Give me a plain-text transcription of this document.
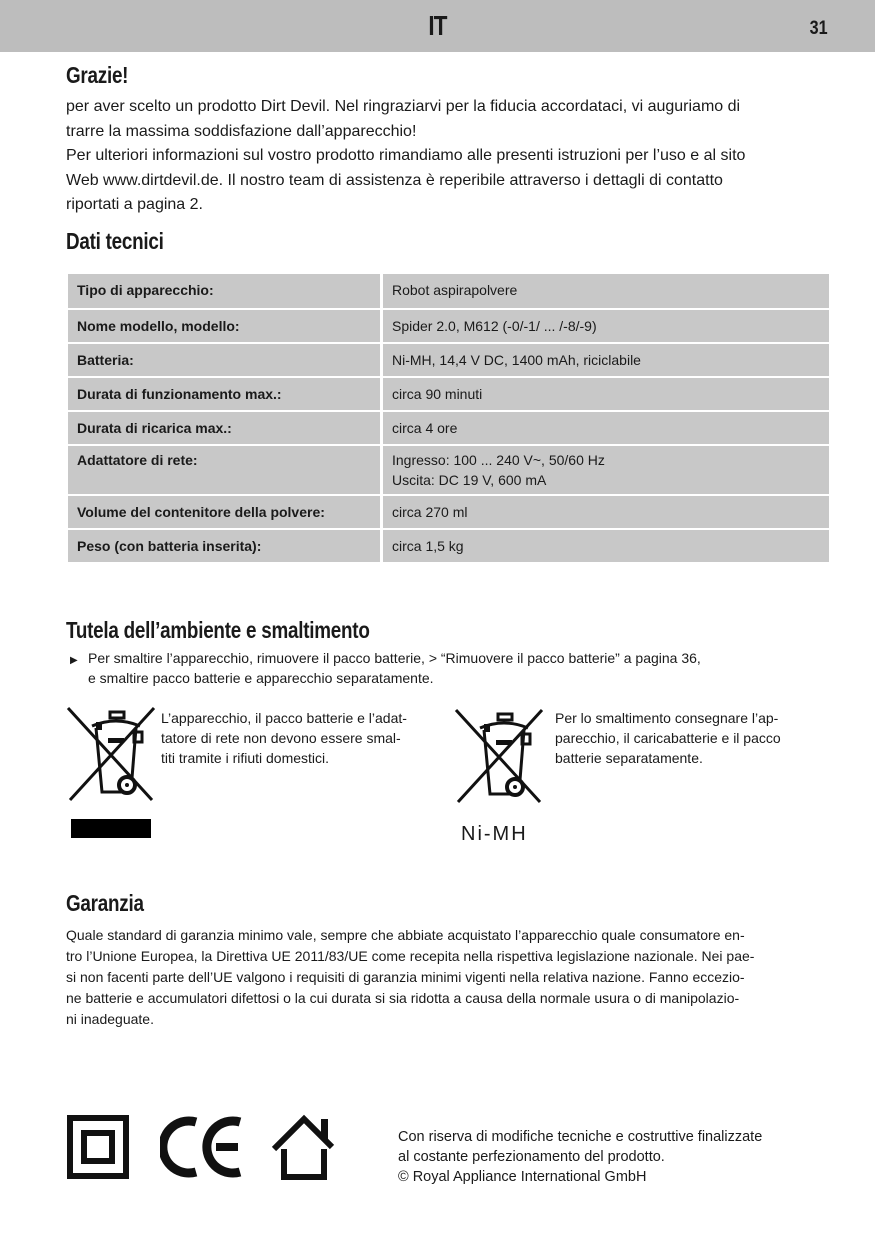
IT	31
Grazie!
per aver scelto un prodotto Dirt Devil. Nel ringraziarvi per la fiducia accordataci, vi auguriamo di
trarre la massima soddisfazione dall’apparecchio!
Per ulteriori informazioni sul vostro prodotto rimandiamo alle presenti istruzioni per l’uso e al sito
Web www.dirtdevil.de. Il nostro team di assistenza è reperibile attraverso i dettagli di contatto
riportati a pagina 2.
Dati tecnici
Tipo di apparecchio:	Robot aspirapolvere
Nome modello, modello:	Spider 2.0, M612 (-0/-1/ ... /-8/-9)
Batteria:	Ni-MH, 14,4 V DC, 1400 mAh, riciclabile
Durata di funzionamento max.:	circa 90 minuti
Durata di ricarica max.:	circa 4 ore
Adattatore di rete:	Ingresso: 100 ... 240 V~, 50/60 Hz
Uscita: DC 19 V, 600 mA
Volume del contenitore della polvere:	circa 270 ml
Peso (con batteria inserita):	circa 1,5 kg
Tutela dell’ambiente e smaltimento
▶ Per smaltire l’apparecchio, rimuovere il pacco batterie, > “Rimuovere il pacco batterie” a pagina 36,
e smaltire pacco batterie e apparecchio separatamente.
L’apparecchio, il pacco batterie e l’adat-
tatore di rete non devono essere smal-
titi tramite i rifiuti domestici.
Ni-MH
Per lo smaltimento consegnare l’ap-
parecchio, il caricabatterie e il pacco
batterie separatamente.
Garanzia
Quale standard di garanzia minimo vale, sempre che abbiate acquistato l’apparecchio quale consumatore en-
tro l’Unione Europea, la Direttiva UE 2011/83/UE come recepita nella rispettiva legislazione nazionale. Nei pae-
si non facenti parte dell’UE valgono i requisiti di garanzia minimi vigenti nella relativa nazione. Fanno eccezio-
ne batterie e accumulatori difettosi o la cui durata si sia ridotta a causa della normale usura o di manipolazio-
ni inadeguate.
Con riserva di modifiche tecniche e costruttive finalizzate
al costante perfezionamento del prodotto.
© Royal Appliance International GmbH
